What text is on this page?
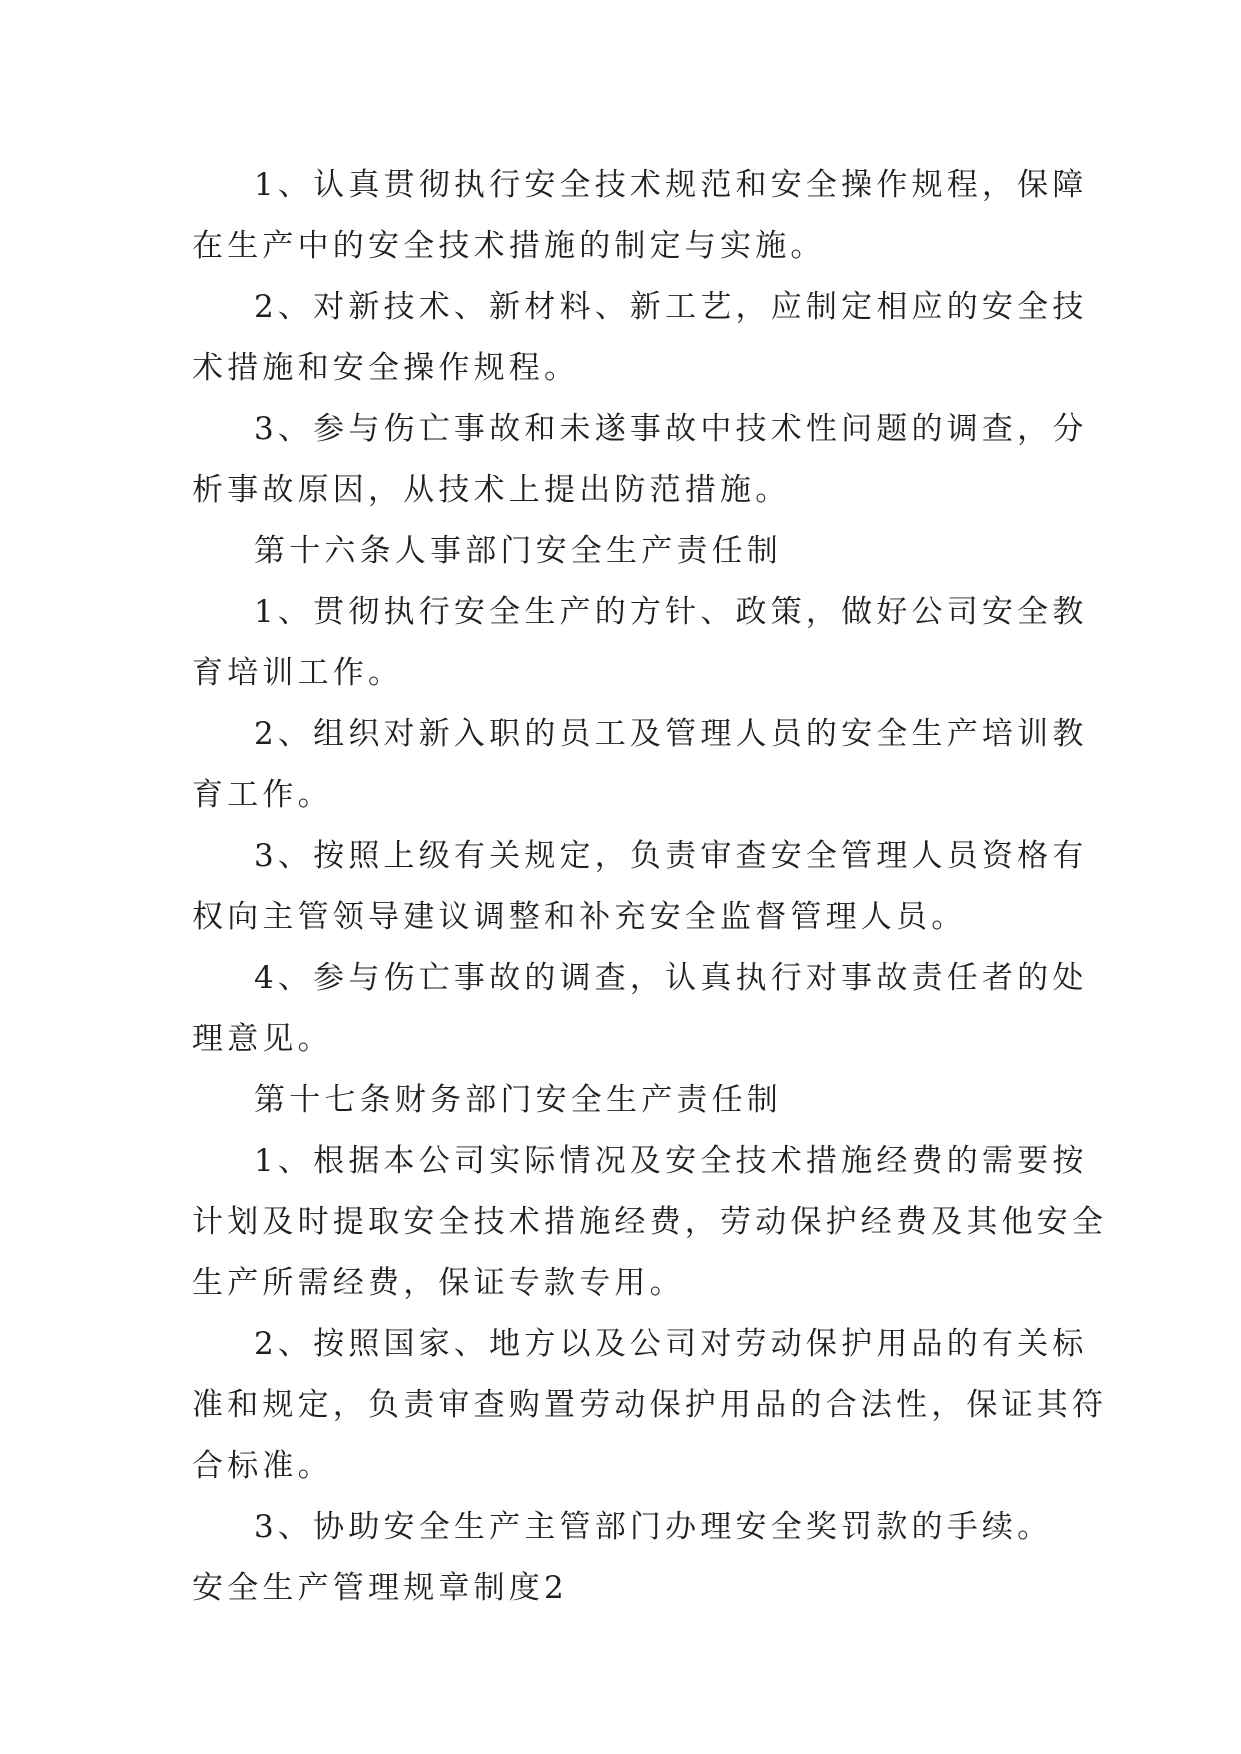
1、认真贯彻执行安全技术规范和安全操作规程，保障
在生产中的安全技术措施的制定与实施。
2、对新技术、新材料、新工艺，应制定相应的安全技
术措施和安全操作规程。
3、参与伤亡事故和未遂事故中技术性问题的调查，分
析事故原因，从技术上提出防范措施。
第十六条人事部门安全生产责任制
1、贯彻执行安全生产的方针、政策，做好公司安全教
育培训工作。
2、组织对新入职的员工及管理人员的安全生产培训教
育工作。
3、按照上级有关规定，负责审查安全管理人员资格有
权向主管领导建议调整和补充安全监督管理人员。
4、参与伤亡事故的调查，认真执行对事故责任者的处
理意见。
第十七条财务部门安全生产责任制
1、根据本公司实际情况及安全技术措施经费的需要按
计划及时提取安全技术措施经费，劳动保护经费及其他安全
生产所需经费，保证专款专用。
2、按照国家、地方以及公司对劳动保护用品的有关标
准和规定，负责审查购置劳动保护用品的合法性，保证其符
合标准。
3、协助安全生产主管部门办理安全奖罚款的手续。
安全生产管理规章制度2
